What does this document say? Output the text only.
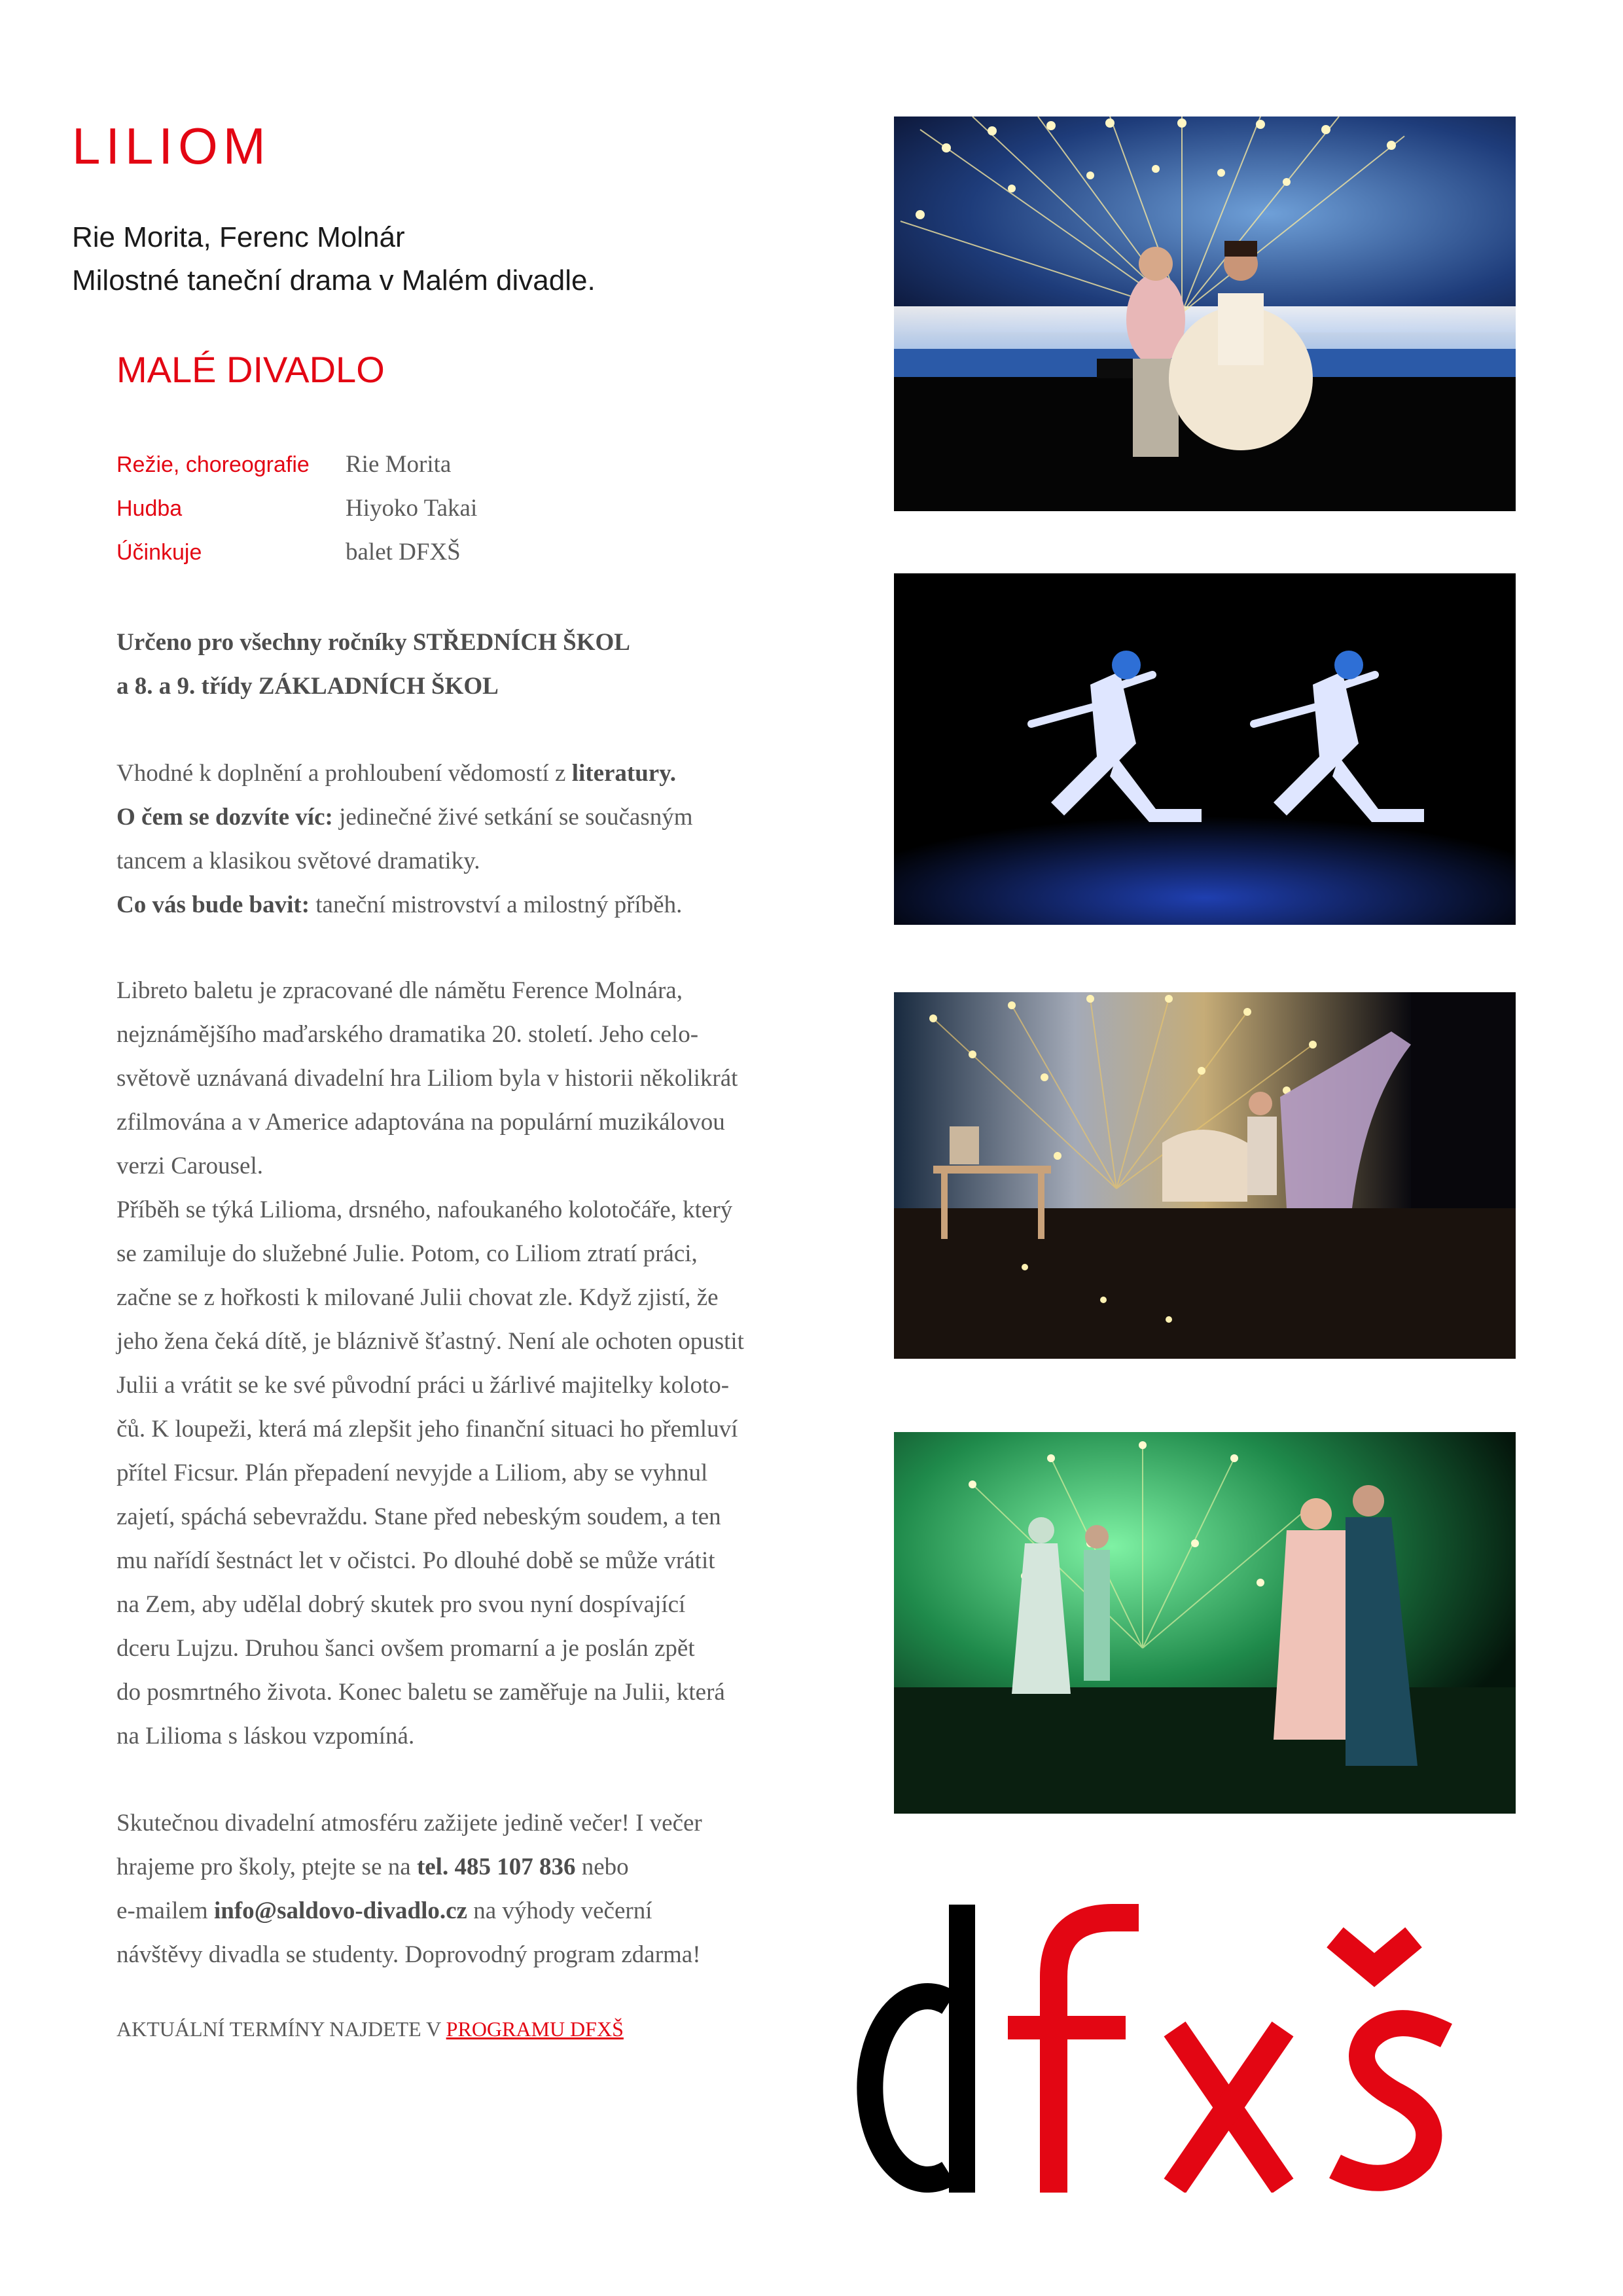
LILIOM
Rie Morita, Ferenc Molnár
Milostné taneční drama v Malém divadle.
MALÉ DIVADLO
Režie, choreografie	Rie Morita
Hudba	Hiyoko Takai
Účinkuje	balet DFXŠ
Určeno pro všechny ročníky STŘEDNÍCH ŠKOL
a 8. a 9. třídy ZÁKLADNÍCH ŠKOL
Vhodné k doplnění a prohloubení vědomostí z literatury.
O čem se dozvíte víc: jedinečné živé setkání se současným
tancem a klasikou světové dramatiky.
Co vás bude bavit: taneční mistrovství a milostný příběh.
Libreto baletu je zpracované dle námětu Ference Molnára,
nejznámějšího maďarského dramatika 20. století. Jeho celo-
světově uznávaná divadelní hra Liliom byla v historii několikrát
zfilmována a v Americe adaptována na populární muzikálovou
verzi Carousel.
Příběh se týká Lilioma, drsného, nafoukaného kolotočáře, který
se zamiluje do služebné Julie. Potom, co Liliom ztratí práci,
začne se z hořkosti k milované Julii chovat zle. Když zjistí, že
jeho žena čeká dítě, je bláznivě šťastný. Není ale ochoten opustit
Julii a vrátit se ke své původní práci u žárlivé majitelky koloto-
čů. K loupeži, která má zlepšit jeho finanční situaci ho přemluví
přítel Ficsur. Plán přepadení nevyjde a Liliom, aby se vyhnul
zajetí, spáchá sebevraždu. Stane před nebeským soudem, a ten
mu nařídí šestnáct let v očistci. Po dlouhé době se může vrátit
na Zem, aby udělal dobrý skutek pro svou nyní dospívající
dceru Lujzu. Druhou šanci ovšem promarní a je poslán zpět
do posmrtného života. Konec baletu se zaměřuje na Julii, která
na Lilioma s láskou vzpomíná.
Skutečnou divadelní atmosféru zažijete jedině večer! I večer
hrajeme pro školy, ptejte se na tel. 485 107 836 nebo
e-mailem info@saldovo-divadlo.cz na výhody večerní
návštěvy divadla se studenty. Doprovodný program zdarma!
AKTUÁLNÍ TERMÍNY NAJDETE V PROGRAMU DFXŠ
